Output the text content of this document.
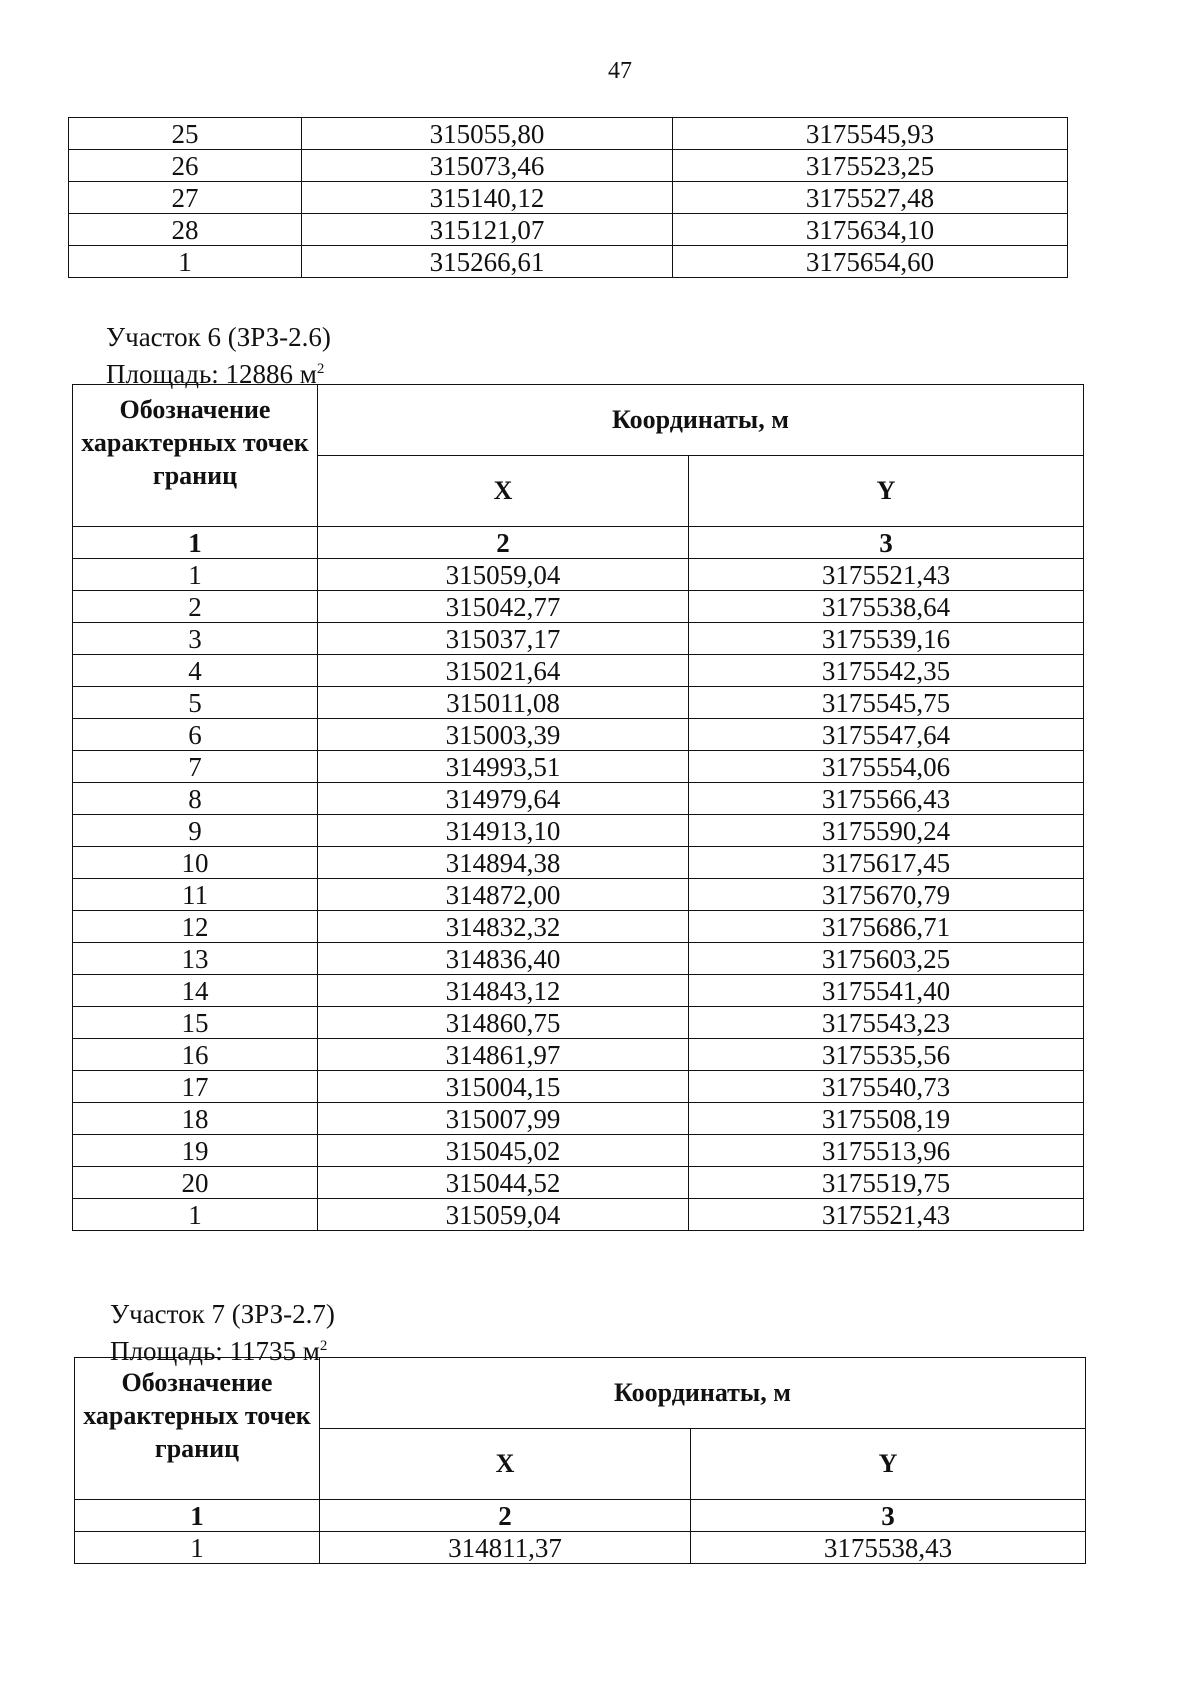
47
25	315055,80	3175545,93
26	315073,46	3175523,25
27	315140,12	3175527,48
28	315121,07	3175634,10
1	315266,61	3175654,60
Участок 6 (ЗРЗ-2.6)
Площадь: 12886 $м^2$
Обозначение характерных точек границ	Координаты, м	
	X	Y
1	2	3
1	315059,04	3175521,43
2	315042,77	3175538,64
3	315037,17	3175539,16
4	315021,64	3175542,35
5	315011,08	3175545,75
6	315003,39	3175547,64
7	314993,51	3175554,06
8	314979,64	3175566,43
9	314913,10	3175590,24
10	314894,38	3175617,45
11	314872,00	3175670,79
12	314832,32	3175686,71
13	314836,40	3175603,25
14	314843,12	3175541,40
15	314860,75	3175543,23
16	314861,97	3175535,56
17	315004,15	3175540,73
18	315007,99	3175508,19
19	315045,02	3175513,96
20	315044,52	3175519,75
1	315059,04	3175521,43
Участок 7 (ЗРЗ-2.7)
Площадь: 11735 $м^2$
Обозначение характерных точек границ	Координаты, м	
	X	Y
1	2	3
1	314811,37	3175538,43
